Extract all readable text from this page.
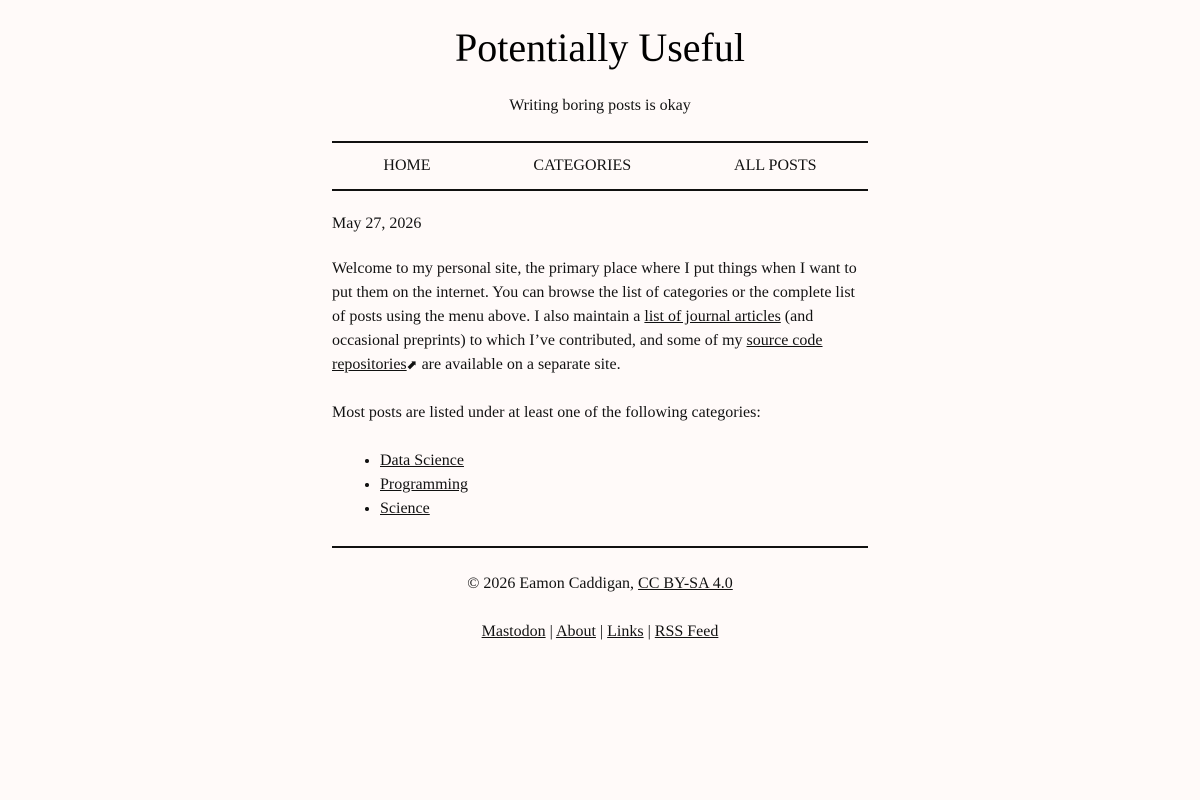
Potentially Useful

Writing boring posts is okay

HOME	CATEGORIES	ALL POSTS

May 27, 2026

Welcome to my personal site, the primary place where I put things when I want to put them on the internet. You can browse the list of categories or the complete list of posts using the menu above. I also maintain a list of journal articles (and occasional preprints) to which I’ve contributed, and some of my source code repositories⬈ are available on a separate site.

Most posts are listed under at least one of the following categories:

• Data Science
• Programming
• Science

© 2026 Eamon Caddigan, CC BY-SA 4.0

Mastodon | About | Links | RSS Feed
